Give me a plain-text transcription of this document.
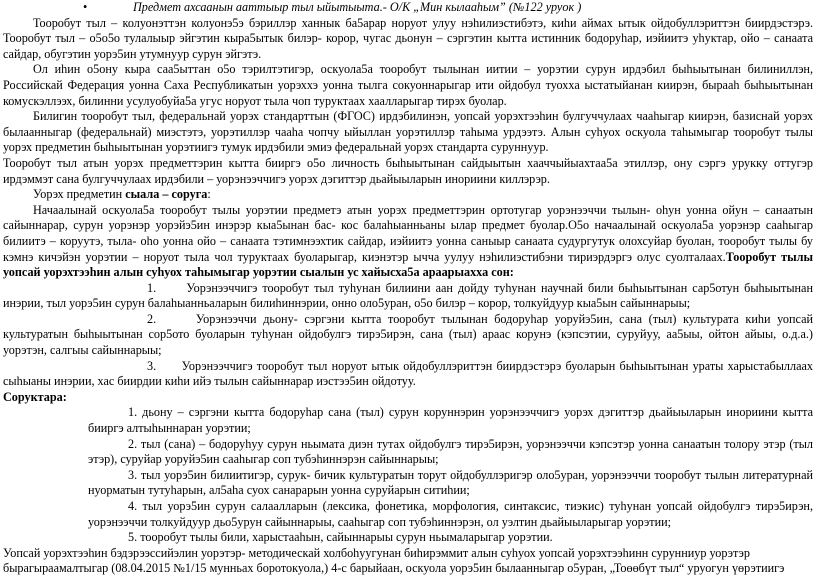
•	Предмет ахсаанын ааттыыр тыл ыйытыыта.- О/К „Мин кылааhым” (№122 уруок )

Тооробут тыл – колуонэттэн колуонэ5э бэриллэр ханнык ба5арар норуот улуу нэhилиэстибэтэ, киhи аймах ытык ойдобуллэриттэн биирдэстэрэ. Тооробут тыл – о5о5о тулалыыр эйгэтин кыра5ытык билэр- корор, чугас дьонун – сэргэтин кытта истинник бодоруhар, иэйиитэ уhуктар, ойо – санаата сайдар, обугэтин уорэ5ин утумнуур сурун эйгэтэ.

Ол иhин о5ону кыра саа5ыттан о5о тэрилтэтигэр, оскуола5а тооробут тылынан иитии – уорэтии сурун ирдэбил быhыытынан билиниллэн, Российскай Федерация уонна Саха Республикатын уорэххэ уонна тылга сокуоннарыгар ити ойдобул туохха ыстатыйанан киирэн, бырааh быhыытынан комускэллээх, билинни усулуобуйа5а угус норуот тыла чоп туруктаах хаалларыгар тирэх буолар.

Билигин тооробут тыл, федеральнай уорэх стандарттын (ФГОС) ирдэбилинэн, уопсай уорэхтээhин булгуччулаах чааhыгар киирэн, базиснай уорэх былаанныгар (федеральнай) миэстэтэ, уорэтиллэр чааhа чопчу ыйыллан уорэтиллэр таhыма урдээтэ. Алын суhуох оскуола таhымыгар тооробут тылы уорэх предметин быhыытынан уорэтиигэ тумук ирдэбили эмиэ федеральнай уорэх стандарта суруннуур.

Тооробут тыл атын уорэх предметтэрин кытта бииргэ о5о личность быhыытынан сайдыытын хааччыйыахтаа5а этиллэр, ону сэргэ урукку оттугэр ирдэммэт сана булгуччулаах ирдэбили – уорэнээччигэ уорэх дэгиттэр дьайыыларын инориини киллэрэр.

Уорэх предметин сыала – соруга:

Начаалынай оскуола5а тооробут тылы уорэтии предметэ атын уорэх предметтэрин ортотугар уорэнээччи тылын- оhун уонна ойун – санаатын сайыннарар, сурун уорэнэр уорэйэ5ин инэрэр кыа5ынан бас- кос балаhыанньаны ылар предмет буолар.О5о начаалынай оскуола5а уорэнэр сааhыгар билиитэ – коруутэ, тыла- оhо уонна ойо – санаата тэтимнээхтик сайдар, иэйиитэ уонна саныыр санаата судургутук олохсуйар буолан, тооробут тылы бу кэмнэ кичэйэн уорэтии – норуот тыла чол туруктаах буоларыгар, киэнэтэр ычча уулуу нэhилиэстибэни тириэрдэргэ олус суолталаах.Тооробут тылы уопсай уорэхтээhин алын суhуох таhымыгар уорэтии сыалын ус хайысха5а араарыахха сон:

1. Уорэнээччигэ тооробут тыл туhунан билиини аан дойду туhунан научнай били быhыытынан сар5отун быhыытынан инэрии, тыл уорэ5ин сурун балаhыанньаларын билиhиннэрии, онно оло5уран, о5о билэр – корор, толкуйдуур кыа5ын сайыннарыы;

2.	Уорэнээччи дьону- сэргэни кытта тооробут тылынан бодоруhар уоруйэ5ин, сана (тыл) культурата киhи уопсай культуратын быhыытынан сор5ото буоларын туhунан ойдобулгэ тирэ5ирэн, сана (тыл) араас корунэ (кэпсэтии, суруйуу, аа5ыы, ойтон айыы, о.д.а.) уорэтэн, салгыы сайыннарыы;

3. Уорэнээччигэ тооробут тыл норуот ытык ойдобуллэриттэн биирдэстэрэ буоларын быhыытынан ураты харыстабыллаах сыhыаны инэрии, хас биирдии киhи ийэ тылын сайыннарар иэстээ5ин ойдотуу.

Соруктара:

1. дьону – сэргэни кытта бодоруhар сана (тыл) сурун коруннэрин уорэнээччигэ уорэх дэгиттэр дьайыыларын инориини кытта бииргэ алтыhыннаран уорэтии;

2. тыл (сана) – бодоруhуу сурун ньымата диэн тутах ойдобулгэ тирэ5ирэн, уорэнээччи кэпсэтэр уонна санаатын толору этэр (тыл этэр), суруйар уоруйэ5ин сааhыгар соп тубэhиннэрэн сайыннарыы;

3. тыл уорэ5ин билиитигэр, сурук- бичик культуратын торут ойдобуллэригэр оло5уран, уорэнээччи тооробут тылын литературнай нуорматын тутуhарын, ал5аhа суох санарарын уонна суруйарын ситиhии;

4. тыл уорэ5ин сурун салаалларын (лексика, фонетика, морфология, синтаксис, тиэкис) туhунан уопсай ойдобулгэ тирэ5ирэн, уорэнээччи толкуйдуур дьо5урун сайыннарыы, сааhыгар соп тубэhиннэрэн, ол уэлтин дьайыыларыгар уорэтии;

5. тооробут тылы били, харыстааhын, сайыннарыы сурун ньымаларыгар уорэтии.

Уопсай уорэхтээhин бэдэрээссийэлин уорэтэр- методическай холбоhуугунан биhирэммит алын суhуох уопсай уорэхтээhинн сурунниур уорэтэр

бырагыраамалтыгар (08.04.2015 №1/15 мунньах боротокуола,) 4-с барыйаан, оскуола уорэ5ин былаанныгар о5уран, „Тоөөбүт тыл“ уруогун үөрэтиигэ
